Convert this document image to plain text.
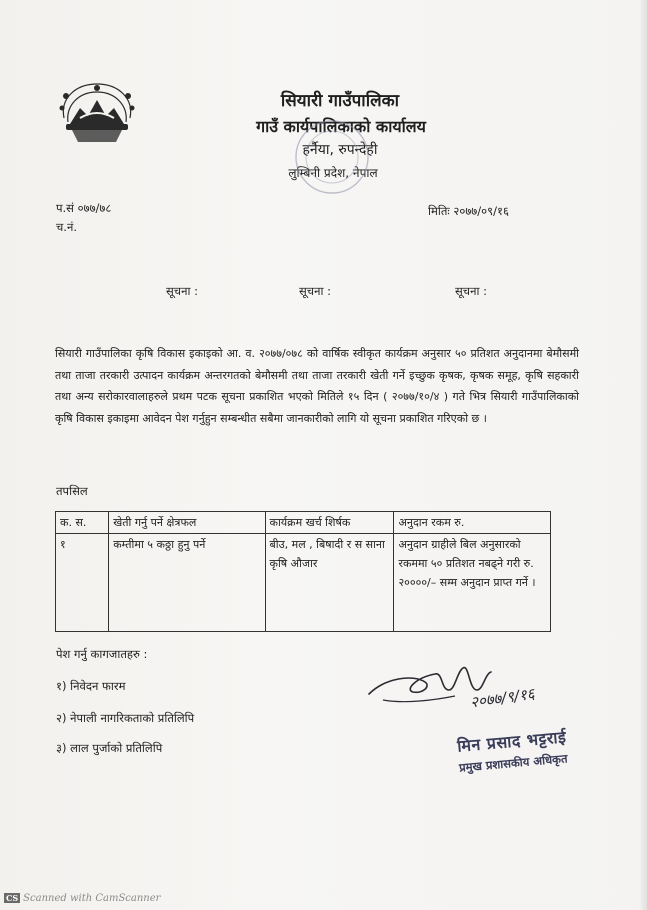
सियारी गाउँपालिका
गाउँ कार्यपालिकाको कार्यालय
हर्नैया, रुपन्देही
लुम्बिनी प्रदेश, नेपाल
प.सं ०७७/७८
च.नं.
मितिः २०७७/०९/१६
सूचना :	सूचना :	सूचना :
सियारी गाउँपालिका कृषि विकास इकाइको आ. व. २०७७/०७८ को वार्षिक स्वीकृत कार्यक्रम अनुसार ५० प्रतिशत अनुदानमा बेमौसमी तथा ताजा तरकारी उत्पादन कार्यक्रम अन्तरगतको बेमौसमी तथा ताजा तरकारी खेती गर्ने इच्छुक कृषक, कृषक समूह, कृषि सहकारी तथा अन्य सरोकारवालाहरुले प्रथम पटक सूचना प्रकाशित भएको मितिले १५ दिन ( २०७७/१०/४ ) गते भित्र सियारी गाउँपालिकाको कृषि विकास इकाइमा आवेदन पेश गर्नुहुन सम्बन्धीत सबैमा जानकारीको लागि यो सूचना प्रकाशित गरिएको छ ।
तपसिल
क. स.	खेती गर्नु पर्ने क्षेत्रफल	कार्यक्रम खर्च शिर्षक	अनुदान रकम रु.
१	कम्तीमा ५ कठ्ठा हुनु पर्ने	बीउ, मल , बिषादी र स साना कृषि औजार	अनुदान ग्राहीले बिल अनुसारको रकममा ५० प्रतिशत नबढ्ने गरी रु. २००००/– सम्म अनुदान प्राप्त गर्ने ।
पेश गर्नु कागजातहरु :
१) निवेदन फारम
२) नेपाली नागरिकताको प्रतिलिपि
३) लाल पुर्जाको प्रतिलिपि
२०७७/९/१६
मिन प्रसाद भट्टराई
प्रमुख प्रशासकीय अधिकृत
CS Scanned with CamScanner
